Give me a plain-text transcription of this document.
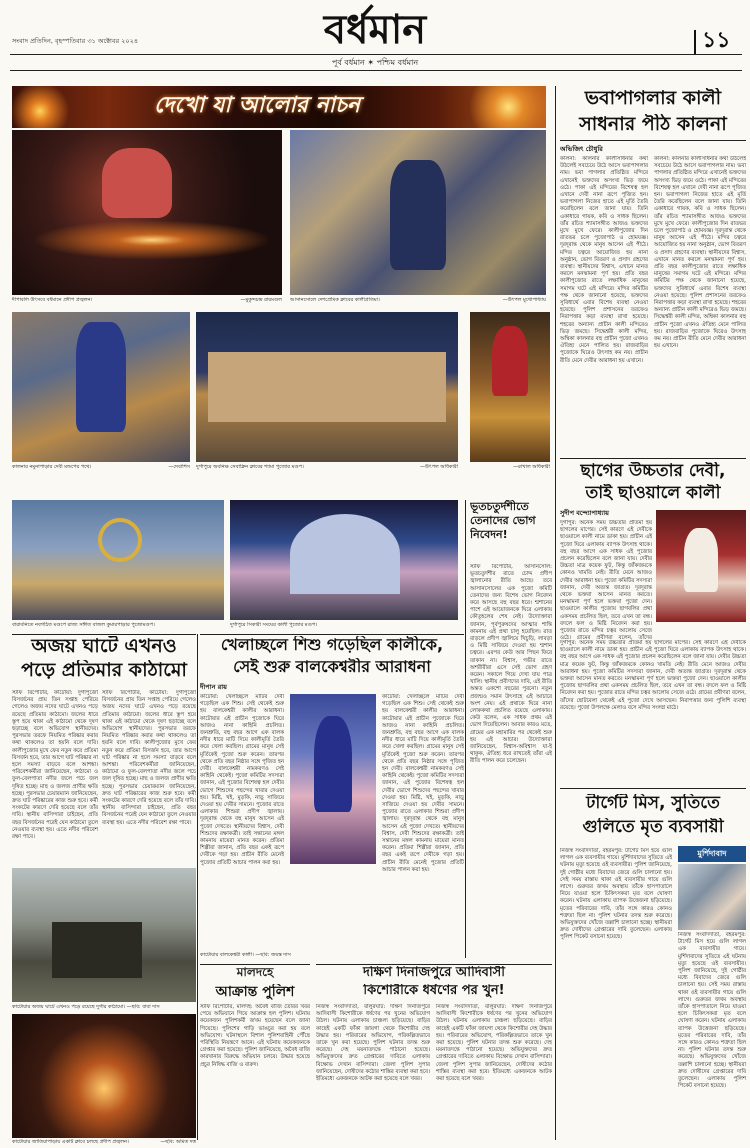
সংবাদ প্রতিদিন, বৃহস্পতিবার ৩১ অক্টোবর ২০২৪	বর্ধমান	১১
পূর্ব বর্ধমান ✶ পশ্চিম বর্ধমান
দেখো যা আলোর নাচন
দীপাবলি উৎসবে বর্ধমানে প্রদীপ প্রজ্বলন।	—মুকুন্দচন্দ্র রায়মণ্ডল আসানসোলে দেশপ্রেমিক ক্লাবের কালীপ্রতিমা।	—উৎপল মুখোপাধ্যায়
কালনার নমুনাপাড়ার দেবী মন্ডপের পথে।	—দেবাশিস দুর্গাপুরে অবনিক্ষ সেবাক্লিন ক্লাবের শ্যামা পুজোর মণ্ডপ।	—উৎপল অধিকারী	—রাখাল অধিকারী
বারাবনিতে নবগঠিত মণ্ডপে রাজ্য সঙ্গীত বাজল কুমারপাড়ার পুজোমণ্ডপ।	দুর্গাপুরে সিকারী সংঘের কালী পুজোর মণ্ডপ।
ভূতচতুর্দশীতে তেনাদের ভোগ নিবেদন!
স্টাফ রিপোর্টার, আসানসোল: ভূতচতুর্দশীর রাতে চোদ্দ প্রদীপ জ্বালানোর রীতি আছে। তবে আসানসোলের এক পুজো কমিটি তেনাদের জন্য বিশেষ ভোগ নিবেদন করে আসছে বহু বছর ধরে। শ্মশানের পাশে এই আয়োজনকে ঘিরে এলাকায় কৌতূহলের শেষ নেই। উদ্যোক্তারা জানান, পূর্বপুরুষদের আত্মার শান্তি কামনায় এই প্রথা চালু হয়েছিল। রাত বাড়লে প্রদীপ জ্বালিয়ে খিচুড়ি, লাবড়া ও মিষ্টি সাজিয়ে দেওয়া হয় শ্মশান চত্বরে। এরপর কেউ আর পিছন ফিরে তাকান না। বিশ্বাস, গভীর রাতে অশরীরীরা এসে সেই ভোগ গ্রহণ করেন। সকালে গিয়ে দেখা যায় পাত্র খালি। স্থানীয় প্রবীণদের দাবি, এই রীতি অন্তত একশো বছরের পুরনো। নতুন প্রজন্মও সমান উৎসাহে এই আচারে অংশ নেয়। এই প্রথাকে ঘিরে নানা লোককথা প্রচলিত রয়েছে এলাকায়। কেউ বলেন, এক সাধক প্রথম এই ভোগ দিয়েছিলেন। আবার কারও মতে, গ্রামের এক মহামারির পর থেকেই শুরু হয় এই আচার। উদ্যোক্তারা জানিয়েছেন, বিশ্বাস-অবিশ্বাস যা-ই থাকুক, ঐতিহ্য ধরে রাখতেই তাঁরা এই রীতি পালন করে চলেছেন।
ভবাপাগলার কালী
সাধনার পীঠ কালনা
অভিজিৎ চৌধুরি
কালনা: কালনার কালীসাধনার কথা উঠলেই সবচেয়ে উঠে আসে ভবাপাগলার নাম। ভবা পাগলার প্রতিষ্ঠিত মন্দিরে এখানেই ভক্তদের অসংখ্য ভিড় জমে ওঠে। পাকা এই মন্দিরের বিশেষত্ব হল এখানে দেবী নানা রূপে পূজিত হন। ভবাপাগলা নিজের হাতে এই মূর্তি তৈরি করেছিলেন বলে জানা যায়। তিনি একাধারে গায়ক, কবি ও সাধক ছিলেন। তাঁর রচিত শ্যামাসঙ্গীত আজও ভক্তদের মুখে মুখে ফেরে। কালীপুজোর দিন রাতভর চলে পুজোপাঠ ও হোমযজ্ঞ। দূরদূরান্ত থেকে মানুষ আসেন এই পীঠে। মন্দির চত্বরে আয়োজিত হয় নানা অনুষ্ঠান, ভোগ বিতরণ ও প্রসাদ গ্রহণের ব্যবস্থা। স্থানীয়দের বিশ্বাস, এখানে মানত করলে মনস্কামনা পূর্ণ হয়। প্রতি বছর কালীপুজোর রাতে লক্ষাধিক মানুষের সমাগম ঘটে এই মন্দিরে। মন্দির কমিটির পক্ষ থেকে জানানো হয়েছে, ভক্তদের সুবিধার্থে এবার বিশেষ ব্যবস্থা নেওয়া হয়েছে। পুলিশ প্রশাসনের তরফেও নিরাপত্তার কড়া ব্যবস্থা রাখা হয়েছে। শহরের অন্যান্য প্রাচীন কালী মন্দিরেও ভিড় জমছে। সিদ্ধেশ্বরী কালী মন্দির, অম্বিকা কালনার বহু প্রাচীন পুজো এখনও ঐতিহ্য মেনে পালিত হয়। রাজবাড়ির পুজোকে ঘিরেও উৎসাহ কম নয়। প্রাচীন রীতি মেনে দেবীর আরাধনা হয় এখানে।
কালনা: কালনার কালীসাধনার কথা উঠলেই সবচেয়ে উঠে আসে ভবাপাগলার নাম। ভবা পাগলার প্রতিষ্ঠিত মন্দিরে এখানেই ভক্তদের অসংখ্য ভিড় জমে ওঠে। পাকা এই মন্দিরের বিশেষত্ব হল এখানে দেবী নানা রূপে পূজিত হন। ভবাপাগলা নিজের হাতে এই মূর্তি তৈরি করেছিলেন বলে জানা যায়। তিনি একাধারে গায়ক, কবি ও সাধক ছিলেন। তাঁর রচিত শ্যামাসঙ্গীত আজও ভক্তদের মুখে মুখে ফেরে। কালীপুজোর দিন রাতভর চলে পুজোপাঠ ও হোমযজ্ঞ। দূরদূরান্ত থেকে মানুষ আসেন এই পীঠে। মন্দির চত্বরে আয়োজিত হয় নানা অনুষ্ঠান, ভোগ বিতরণ ও প্রসাদ গ্রহণের ব্যবস্থা। স্থানীয়দের বিশ্বাস, এখানে মানত করলে মনস্কামনা পূর্ণ হয়। প্রতি বছর কালীপুজোর রাতে লক্ষাধিক মানুষের সমাগম ঘটে এই মন্দিরে। মন্দির কমিটির পক্ষ থেকে জানানো হয়েছে, ভক্তদের সুবিধার্থে এবার বিশেষ ব্যবস্থা নেওয়া হয়েছে। পুলিশ প্রশাসনের তরফেও নিরাপত্তার কড়া ব্যবস্থা রাখা হয়েছে। শহরের অন্যান্য প্রাচীন কালী মন্দিরেও ভিড় জমছে। সিদ্ধেশ্বরী কালী মন্দির, অম্বিকা কালনার বহু প্রাচীন পুজো এখনও ঐতিহ্য মেনে পালিত হয়। রাজবাড়ির পুজোকে ঘিরেও উৎসাহ কম নয়। প্রাচীন রীতি মেনে দেবীর আরাধনা হয় এখানে।
ছাগের উচ্চতার দেবী,
তাই ছাওয়ালে কালী
সুদীপ বন্দ্যোপাধ্যায়
দুর্গাপুর: অনেক সময় উচ্চতার প্রতিমা হয় ছাগলের মাপের। সেই কারণে এই দেবীকে ছাওয়ালে কালী নামে ডাকা হয়। প্রাচীন এই পুজো ঘিরে এলাকায় ব্যাপক উৎসাহ থাকে। বহু বছর আগে এক সাধক এই পুজোর প্রচলন করেছিলেন বলে জানা যায়। দেবীর উচ্চতা মাত্র কয়েক ফুট, কিন্তু জাঁকজমকে কোনও খামতি নেই। রীতি মেনে আজও দেবীর আরাধনা হয়। পুজো কমিটির সদস্যরা জানান, দেবী অত্যন্ত জাগ্রত। দূরদূরান্ত থেকে ভক্তরা আসেন মানত করতে। মনস্কামনা পূর্ণ হলে ভক্তরা পুজো দেন। ছাওয়ালে কালীর পুজোয় ছাগবলির প্রথা একসময় প্রচলিত ছিল, তবে এখন তা বন্ধ। বদলে ফল ও মিষ্টি নিবেদন করা হয়। পুজোর রাতে মন্দির চত্বর আলোয় সেজে ওঠে। গ্রামের প্রবীণরা বলেন, তাঁদের
দুর্গাপুর: অনেক সময় উচ্চতার প্রতিমা হয় ছাগলের মাপের। সেই কারণে এই দেবীকে ছাওয়ালে কালী নামে ডাকা হয়। প্রাচীন এই পুজো ঘিরে এলাকায় ব্যাপক উৎসাহ থাকে। বহু বছর আগে এক সাধক এই পুজোর প্রচলন করেছিলেন বলে জানা যায়। দেবীর উচ্চতা মাত্র কয়েক ফুট, কিন্তু জাঁকজমকে কোনও খামতি নেই। রীতি মেনে আজও দেবীর আরাধনা হয়। পুজো কমিটির সদস্যরা জানান, দেবী অত্যন্ত জাগ্রত। দূরদূরান্ত থেকে ভক্তরা আসেন মানত করতে। মনস্কামনা পূর্ণ হলে ভক্তরা পুজো দেন। ছাওয়ালে কালীর পুজোয় ছাগবলির প্রথা একসময় প্রচলিত ছিল, তবে এখন তা বন্ধ। বদলে ফল ও মিষ্টি নিবেদন করা হয়। পুজোর রাতে মন্দির চত্বর আলোয় সেজে ওঠে। গ্রামের প্রবীণরা বলেন, তাঁদের ছোটবেলা থেকেই এই পুজো দেখে আসছেন। নিরাপত্তার জন্য পুলিশি ব্যবস্থা রয়েছে। পুজো উপলক্ষে মেলাও বসে মন্দির সংলগ্ন মাঠে।
টার্গেট মিস, সুতিতে
গুলিতে মৃত ব্যবসায়ী
মুর্শিদাবাদ
নিজস্ব সংবাদদাতা, বহরমপুর: টার্গেট মিস হয়ে গুলি লাগল এক ব্যবসায়ীর গায়ে। মুর্শিদাবাদের সুতিতে এই ঘটনায় মৃত্যু হয়েছে ওই ব্যবসায়ীর। পুলিশ জানিয়েছে, দুই গোষ্ঠীর মধ্যে বিবাদের জেরে গুলি চালানো হয়। সেই সময় রাস্তায় থাকা ওই ব্যবসায়ীর গায়ে গুলি লাগে। গুরুতর জখম অবস্থায় তাঁকে হাসপাতালে নিয়ে যাওয়া হলে চিকিৎসকরা মৃত বলে ঘোষণা করেন। ঘটনায় এলাকায় ব্যাপক উত্তেজনা ছড়িয়েছে। মৃতের পরিবারের দাবি, তাঁর সঙ্গে কারও কোনও শত্রুতা ছিল না। পুলিশ ঘটনার তদন্ত শুরু করেছে। অভিযুক্তদের খোঁজে তল্লাশি চালানো হচ্ছে। স্থানীয়রা দ্রুত দোষীদের গ্রেপ্তারের দাবি তুলেছেন। এলাকায় পুলিশ পিকেট বসানো হয়েছে।	নিজস্ব সংবাদদাতা, বহরমপুর: টার্গেট মিস হয়ে গুলি লাগল এক ব্যবসায়ীর গায়ে। মুর্শিদাবাদের সুতিতে এই ঘটনায় মৃত্যু হয়েছে ওই ব্যবসায়ীর। পুলিশ জানিয়েছে, দুই গোষ্ঠীর মধ্যে বিবাদের জেরে গুলি চালানো হয়। সেই সময় রাস্তায় থাকা ওই ব্যবসায়ীর গায়ে গুলি লাগে। গুরুতর জখম অবস্থায় তাঁকে হাসপাতালে নিয়ে যাওয়া হলে চিকিৎসকরা মৃত বলে ঘোষণা করেন। ঘটনায় এলাকায় ব্যাপক উত্তেজনা ছড়িয়েছে। মৃতের পরিবারের দাবি, তাঁর সঙ্গে কারও কোনও শত্রুতা ছিল না। পুলিশ ঘটনার তদন্ত শুরু করেছে। অভিযুক্তদের খোঁজে তল্লাশি চালানো হচ্ছে। স্থানীয়রা দ্রুত দোষীদের গ্রেপ্তারের দাবি তুলেছেন। এলাকায় পুলিশ পিকেট বসানো হয়েছে।
অজয় ঘাটে এখনও
পড়ে প্রতিমার কাঠামো
স্টাফ রিপোর্টার, কাটোয়া: দুর্গাপুজো বিসর্জনের প্রায় তিন সপ্তাহ পেরিয়ে গেলেও অজয় নদের ঘাটে এখনও পড়ে রয়েছে প্রতিমার কাঠামো। জলের ধারে স্তূপ হয়ে থাকা এই কাঠামো থেকে দূষণ ছড়াচ্ছে বলে অভিযোগ স্থানীয়দের। পুরসভার তরফে নিয়মিত পরিষ্কার করার কথা থাকলেও তা হয়নি বলে দাবি। কালীপুজোর মুখে ফের নতুন করে প্রতিমা বিসর্জন হবে, তার আগে ঘাট পরিষ্কার না হলে সমস্যা বাড়বে বলে আশঙ্কা। পরিবেশকর্মীরা জানিয়েছেন, কাঠামো ও ফুল-বেলপাতা নদীর জলে পচে জল দূষিত হচ্ছে। মাছ ও জলজ প্রাণীর ক্ষতি হচ্ছে। পুরসভার চেয়ারম্যান জানিয়েছেন, দ্রুত ঘাট পরিষ্কারের কাজ শুরু হবে। কর্মী সংকটের কারণে দেরি হয়েছে বলে তাঁর দাবি। স্থানীয় বাসিন্দারা চাইছেন, প্রতি বছর বিসর্জনের পরেই যেন কাঠামো তুলে নেওয়ার ব্যবস্থা হয়। এতে নদীর পরিবেশ রক্ষা পাবে।
স্টাফ রিপোর্টার, কাটোয়া: দুর্গাপুজো বিসর্জনের প্রায় তিন সপ্তাহ পেরিয়ে গেলেও অজয় নদের ঘাটে এখনও পড়ে রয়েছে প্রতিমার কাঠামো। জলের ধারে স্তূপ হয়ে থাকা এই কাঠামো থেকে দূষণ ছড়াচ্ছে বলে অভিযোগ স্থানীয়দের। পুরসভার তরফে নিয়মিত পরিষ্কার করার কথা থাকলেও তা হয়নি বলে দাবি। কালীপুজোর মুখে ফের নতুন করে প্রতিমা বিসর্জন হবে, তার আগে ঘাট পরিষ্কার না হলে সমস্যা বাড়বে বলে আশঙ্কা। পরিবেশকর্মীরা জানিয়েছেন, কাঠামো ও ফুল-বেলপাতা নদীর জলে পচে জল দূষিত হচ্ছে। মাছ ও জলজ প্রাণীর ক্ষতি হচ্ছে। পুরসভার চেয়ারম্যান জানিয়েছেন, দ্রুত ঘাট পরিষ্কারের কাজ শুরু হবে। কর্মী সংকটের কারণে দেরি হয়েছে বলে তাঁর দাবি। স্থানীয় বাসিন্দারা চাইছেন, প্রতি বছর বিসর্জনের পরেই যেন কাঠামো তুলে নেওয়ার ব্যবস্থা হয়। এতে নদীর পরিবেশ রক্ষা পাবে।
কাটোয়ার অজয় ঘাটে এখনও পড়ে রয়েছে দুর্গার কাঠামো। —ছবি: বাবা দাস
কাটোয়ার জাতিয়াপাড়ায় একটি ক্লাবে চলছে প্রদীপ প্রজ্বলন।	—ছবি: অমিত দত্ত
খেলাচ্ছলে শিশু গড়েছিল কালীকে,
সেই শুরু বালকেশ্বরীর আরাধনা
দীপান রায়
কাটোয়া: খেলাচ্ছলে মাটির দেবী গড়েছিল এক শিশু। সেই থেকেই শুরু হয় বালকেশ্বরী কালীর আরাধনা। কাটোয়ার এই প্রাচীন পুজোকে ঘিরে আজও নানা কাহিনি প্রচলিত। জনশ্রুতি, বহু বছর আগে এক বালক নদীর ধারে মাটি দিয়ে কালীমূর্তি তৈরি করে খেলা করছিল। গ্রামের মানুষ সেই মূর্তিকেই পুজো শুরু করেন। তারপর থেকে প্রতি বছর নিষ্ঠার সঙ্গে পূজিত হন দেবী। বালকেশ্বরী নামকরণও সেই কাহিনি থেকেই। পুজো কমিটির সদস্যরা জানান, এই পুজোর বিশেষত্ব হল দেবীর ভোগে শিশুদের পছন্দের খাবার দেওয়া হয়। মিষ্টি, খই, মুড়কি, নাড়ু সাজিয়ে দেওয়া হয় দেবীর সামনে। পুজোর রাতে এলাকার শিশুরা প্রদীপ জ্বালায়। দূরদূরান্ত থেকে বহু মানুষ আসেন এই পুজো দেখতে। স্থানীয়দের বিশ্বাস, দেবী শিশুদের রক্ষাকর্ত্রী। তাই সন্তানের মঙ্গল কামনায় মায়েরা মানত করেন। প্রতিমা শিল্পীরা জানান, প্রতি বছর একই রূপে দেবীকে গড়া হয়। প্রাচীন রীতি মেনেই পুজোর প্রতিটি আচার পালন করা হয়।
কাটোয়া: খেলাচ্ছলে মাটির দেবী গড়েছিল এক শিশু। সেই থেকেই শুরু হয় বালকেশ্বরী কালীর আরাধনা। কাটোয়ার এই প্রাচীন পুজোকে ঘিরে আজও নানা কাহিনি প্রচলিত। জনশ্রুতি, বহু বছর আগে এক বালক নদীর ধারে মাটি দিয়ে কালীমূর্তি তৈরি করে খেলা করছিল। গ্রামের মানুষ সেই মূর্তিকেই পুজো শুরু করেন। তারপর থেকে প্রতি বছর নিষ্ঠার সঙ্গে পূজিত হন দেবী। বালকেশ্বরী নামকরণও সেই কাহিনি থেকেই। পুজো কমিটির সদস্যরা জানান, এই পুজোর বিশেষত্ব হল দেবীর ভোগে শিশুদের পছন্দের খাবার দেওয়া হয়। মিষ্টি, খই, মুড়কি, নাড়ু সাজিয়ে দেওয়া হয় দেবীর সামনে। পুজোর রাতে এলাকার শিশুরা প্রদীপ জ্বালায়। দূরদূরান্ত থেকে বহু মানুষ আসেন এই পুজো দেখতে। স্থানীয়দের বিশ্বাস, দেবী শিশুদের রক্ষাকর্ত্রী। তাই সন্তানের মঙ্গল কামনায় মায়েরা মানত করেন। প্রতিমা শিল্পীরা জানান, প্রতি বছর একই রূপে দেবীকে গড়া হয়। প্রাচীন রীতি মেনেই পুজোর প্রতিটি আচার পালন করা হয়।
কাটোয়ার বালকেশ্বরী কালী। —ছবি: জয়ন্ত দাস
মালদহে
আক্রান্ত পুলিশ
স্টাফ রিপোর্টার, মালদহ: অবৈধ বাজি তৈরির খবর পেয়ে অভিযানে গিয়ে আক্রান্ত হল পুলিশ। ঘটনায় কয়েকজন পুলিশকর্মী জখম হয়েছেন বলে জানা গিয়েছে। পুলিশের গাড়ি ভাঙচুর করা হয় বলে অভিযোগ। ঘটনাস্থলে বিশাল পুলিশবাহিনী পৌঁছে পরিস্থিতি নিয়ন্ত্রণে আনে। এই ঘটনায় কয়েকজনকে গ্রেপ্তার করা হয়েছে। পুলিশ জানিয়েছে, অবৈধ বাজি কারখানার বিরুদ্ধে অভিযান চলবে। উদ্ধার হয়েছে প্রচুর নিষিদ্ধ বাজি ও বারুদ।
দক্ষিণ দিনাজপুরে আদিবাসী
কিশোরীকে ধর্ষণের পর খুন!
নিজস্ব সংবাদদাতা, বালুরঘাট: দক্ষিণ দিনাজপুরে আদিবাসী কিশোরীকে ধর্ষণের পর খুনের অভিযোগ উঠল। ঘটনায় এলাকায় চাঞ্চল্য ছড়িয়েছে। বাড়ির কাছেই একটি ফাঁকা জায়গা থেকে কিশোরীর দেহ উদ্ধার হয়। পরিবারের অভিযোগ, পরিকল্পিতভাবে তাকে খুন করা হয়েছে। পুলিশ ঘটনার তদন্ত শুরু করেছে। দেহ ময়নাতদন্তে পাঠানো হয়েছে। অভিযুক্তদের দ্রুত গ্রেপ্তারের দাবিতে এলাকায় বিক্ষোভ দেখান বাসিন্দারা। জেলা পুলিশ সুপার জানিয়েছেন, দোষীদের কঠোর শাস্তির ব্যবস্থা করা হবে। ইতিমধ্যে একজনকে আটক করা হয়েছে বলে খবর।
নিজস্ব সংবাদদাতা, বালুরঘাট: দক্ষিণ দিনাজপুরে আদিবাসী কিশোরীকে ধর্ষণের পর খুনের অভিযোগ উঠল। ঘটনায় এলাকায় চাঞ্চল্য ছড়িয়েছে। বাড়ির কাছেই একটি ফাঁকা জায়গা থেকে কিশোরীর দেহ উদ্ধার হয়। পরিবারের অভিযোগ, পরিকল্পিতভাবে তাকে খুন করা হয়েছে। পুলিশ ঘটনার তদন্ত শুরু করেছে। দেহ ময়নাতদন্তে পাঠানো হয়েছে। অভিযুক্তদের দ্রুত গ্রেপ্তারের দাবিতে এলাকায় বিক্ষোভ দেখান বাসিন্দারা। জেলা পুলিশ সুপার জানিয়েছেন, দোষীদের কঠোর শাস্তির ব্যবস্থা করা হবে। ইতিমধ্যে একজনকে আটক করা হয়েছে বলে খবর।
